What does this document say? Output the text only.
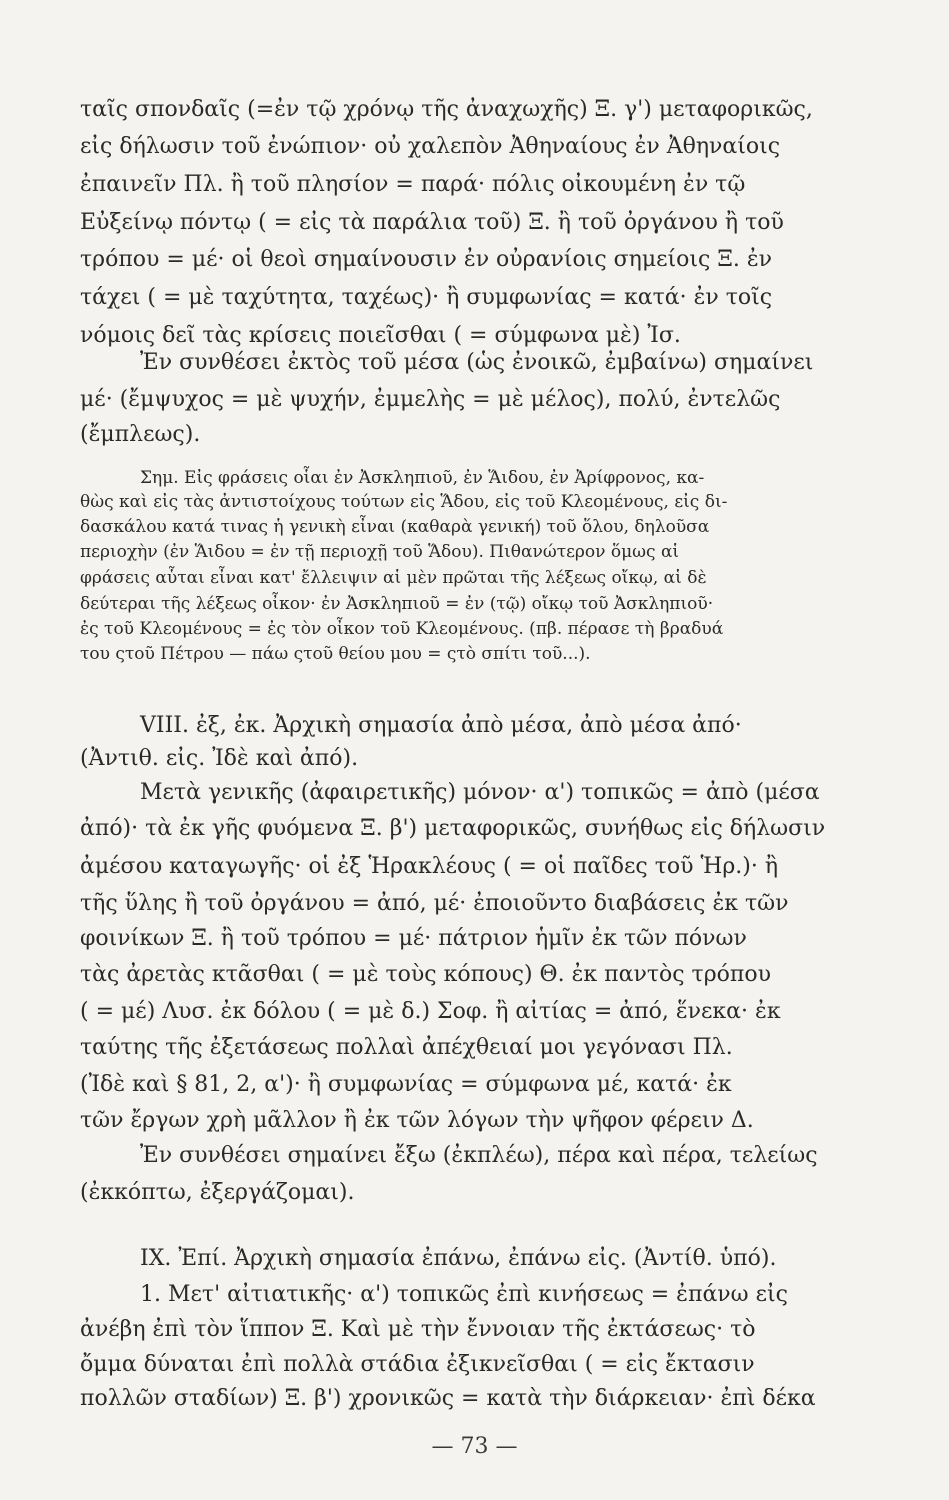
ταῖς σπονδαῖς (=ἐν τῷ χρόνῳ τῆς ἀναχωχῆς) Ξ. γ') μεταφορικῶς,
εἰς δήλωσιν τοῦ ἐνώπιον· οὐ χαλεπὸν Ἀθηναίους ἐν Ἀθηναίοις
ἐπαινεῖν Πλ. ἢ τοῦ πλησίον = παρά· πόλις οἰκουμένη ἐν τῷ
Εὐξείνῳ πόντῳ ( = εἰς τὰ παράλια τοῦ) Ξ. ἢ τοῦ ὀργάνου ἢ τοῦ
τρόπου = μέ· οἱ θεοὶ σημαίνουσιν ἐν οὐρανίοις σημείοις Ξ. ἐν
τάχει ( = μὲ ταχύτητα, ταχέως)· ἢ συμφωνίας = κατά· ἐν τοῖς
νόμοις δεῖ τὰς κρίσεις ποιεῖσθαι ( = σύμφωνα μὲ) Ἰσ.
Ἐν συνθέσει ἐκτὸς τοῦ μέσα (ὡς ἐνοικῶ, ἐμβαίνω) σημαίνει
μέ· (ἔμψυχος = μὲ ψυχήν, ἐμμελὴς = μὲ μέλος), πολύ, ἐντελῶς
(ἔμπλεως).
Σημ. Εἰς φράσεις οἷαι ἐν Ἀσκληπιοῦ, ἐν Ἅιδου, ἐν Ἀρίφρονος, κα-
θὼς καὶ εἰς τὰς ἀντιστοίχους τούτων εἰς Ἅδου, εἰς τοῦ Κλεομένους, εἰς δι-
δασκάλου κατά τινας ἡ γενικὴ εἶναι (καθαρὰ γενική) τοῦ ὅλου, δηλοῦσα
περιοχὴν (ἐν Ἅιδου = ἐν τῇ περιοχῇ τοῦ Ἅδου). Πιθανώτερον ὅμως αἱ
φράσεις αὗται εἶναι κατ' ἔλλειψιν αἱ μὲν πρῶται τῆς λέξεως οἴκῳ, αἱ δὲ
δεύτεραι τῆς λέξεως οἶκον· ἐν Ἀσκληπιοῦ = ἐν (τῷ) οἴκῳ τοῦ Ἀσκληπιοῦ·
ἐς τοῦ Κλεομένους = ἐς τὸν οἶκον τοῦ Κλεομένους. (πβ. πέρασε τὴ βραδυά
του ςτοῦ Πέτρου — πάω ςτοῦ θείου μου = ςτὸ σπίτι τοῦ...).
VIII. ἐξ, ἐκ. Ἀρχικὴ σημασία ἀπὸ μέσα, ἀπὸ μέσα ἀπό·
(Ἀντιθ. εἰς. Ἰδὲ καὶ ἀπό).
Μετὰ γενικῆς (ἀφαιρετικῆς) μόνον· α') τοπικῶς = ἀπὸ (μέσα
ἀπό)· τὰ ἐκ γῆς φυόμενα Ξ. β') μεταφορικῶς, συνήθως εἰς δήλωσιν
ἀμέσου καταγωγῆς· οἱ ἐξ Ἡρακλέους ( = οἱ παῖδες τοῦ Ἡρ.)· ἢ
τῆς ὕλης ἢ τοῦ ὀργάνου = ἀπό, μέ· ἐποιοῦντο διαβάσεις ἐκ τῶν
φοινίκων Ξ. ἢ τοῦ τρόπου = μέ· πάτριον ἡμῖν ἐκ τῶν πόνων
τὰς ἀρετὰς κτᾶσθαι ( = μὲ τοὺς κόπους) Θ. ἐκ παντὸς τρόπου
( = μέ) Λυσ. ἐκ δόλου ( = μὲ δ.) Σοφ. ἢ αἰτίας = ἀπό, ἕνεκα· ἐκ
ταύτης τῆς ἐξετάσεως πολλαὶ ἀπέχθειαί μοι γεγόνασι Πλ.
(Ἰδὲ καὶ § 81, 2, α')· ἢ συμφωνίας = σύμφωνα μέ, κατά· ἐκ
τῶν ἔργων χρὴ μᾶλλον ἢ ἐκ τῶν λόγων τὴν ψῆφον φέρειν Δ.
Ἐν συνθέσει σημαίνει ἔξω (ἐκπλέω), πέρα καὶ πέρα, τελείως
(ἐκκόπτω, ἐξεργάζομαι).
IX. Ἐπί. Ἀρχικὴ σημασία ἐπάνω, ἐπάνω εἰς. (Ἀντίθ. ὑπό).
1. Μετ' αἰτιατικῆς· α') τοπικῶς ἐπὶ κινήσεως = ἐπάνω εἰς
ἀνέβη ἐπὶ τὸν ἵππον Ξ. Καὶ μὲ τὴν ἔννοιαν τῆς ἐκτάσεως· τὸ
ὄμμα δύναται ἐπὶ πολλὰ στάδια ἐξικνεῖσθαι ( = εἰς ἔκτασιν
πολλῶν σταδίων) Ξ. β') χρονικῶς = κατὰ τὴν διάρκειαν· ἐπὶ δέκα
— 73 —
